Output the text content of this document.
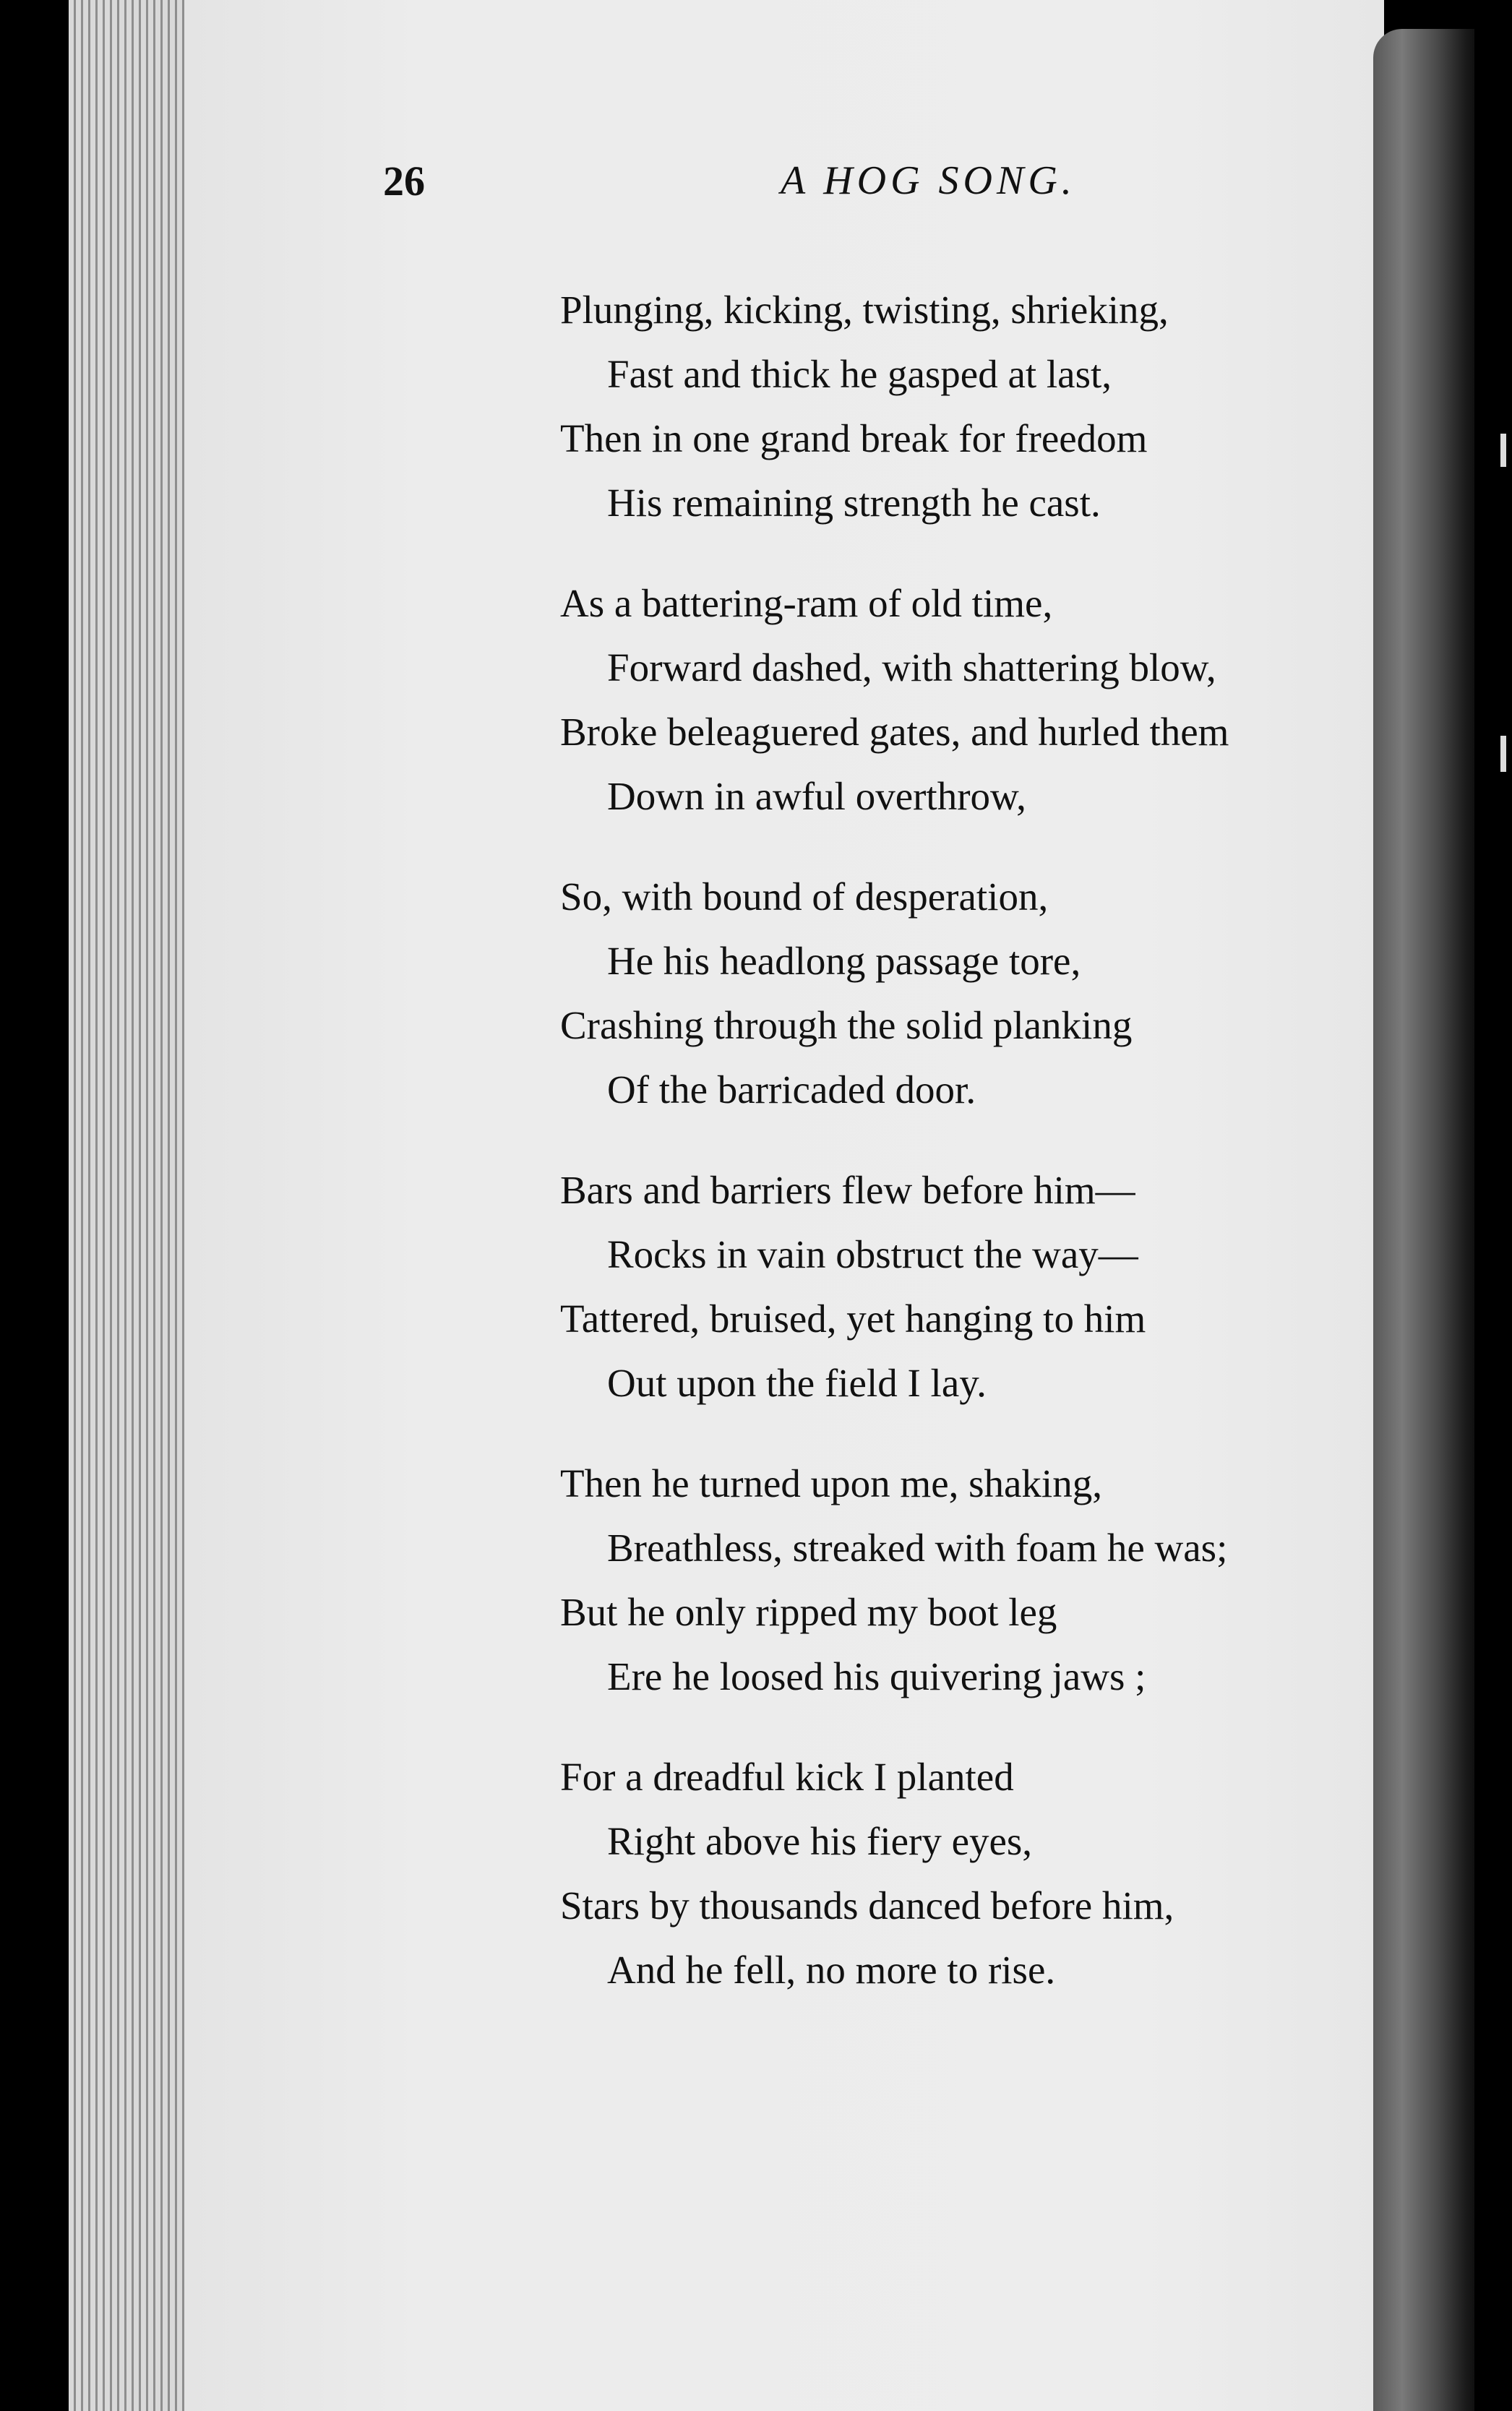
26	A HOG SONG.
Plunging, kicking, twisting, shrieking,
Fast and thick he gasped at last,
Then in one grand break for freedom
His remaining strength he cast.
As a battering-ram of old time,
Forward dashed, with shattering blow,
Broke beleaguered gates, and hurled them
Down in awful overthrow,
So, with bound of desperation,
He his headlong passage tore,
Crashing through the solid planking
Of the barricaded door.
Bars and barriers flew before him—
Rocks in vain obstruct the way—
Tattered, bruised, yet hanging to him
Out upon the field I lay.
Then he turned upon me, shaking,
Breathless, streaked with foam he was;
But he only ripped my boot leg
Ere he loosed his quivering jaws ;
For a dreadful kick I planted
Right above his fiery eyes,
Stars by thousands danced before him,
And he fell, no more to rise.
